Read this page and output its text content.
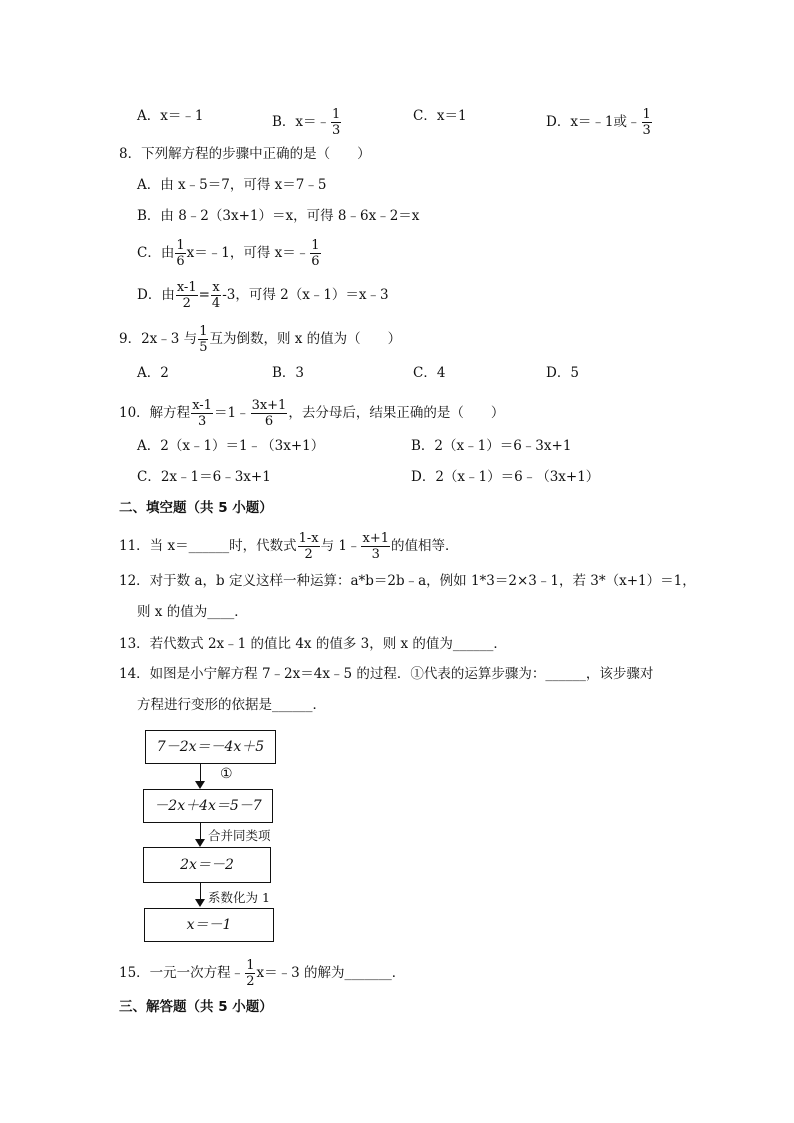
A．x＝﹣1	B．x＝﹣ $\frac{1}{3}$	C．x＝1	D．x＝﹣1或﹣ $\frac{1}{3}$
8．下列解方程的步骤中正确的是（　　）
A．由 x﹣5＝7，可得 x＝7﹣5
B．由 8﹣2（3x+1）＝x，可得 8﹣6x﹣2＝x
C．由 $\frac{1}{6}$ x＝﹣1，可得 x＝﹣ $\frac{1}{6}$
D．由 $\frac{x-1}{2} = \frac{x}{4} -3$，可得 2（x﹣1）＝x﹣3
9．2x﹣3 与 $\frac{1}{5}$ 互为倒数，则 x 的值为（　　）
A．2	B．3	C．4	D．5
10．解方程 $\frac{x-1}{3}$ ＝1﹣ $\frac{3x+1}{6}$ ，去分母后，结果正确的是（　　）
A．2（x﹣1）＝1﹣（3x+1）	B．2（x﹣1）＝6﹣3x+1
C．2x﹣1＝6﹣3x+1	D．2（x﹣1）＝6﹣（3x+1）
二、填空题（共 5 小题）
11．当 x＝______时，代数式 $\frac{1-x}{2}$ 与 1﹣ $\frac{x+1}{3}$ 的值相等．
12．对于数 a，b 定义这样一种运算：a*b＝2b﹣a，例如 1*3＝2×3﹣1，若 3*（x+1）＝1，
则 x 的值为____．
13．若代数式 2x﹣1 的值比 4x 的值多 3，则 x 的值为______．
14．如图是小宁解方程 7﹣2x＝4x﹣5 的过程．①代表的运算步骤为：______，该步骤对
方程进行变形的依据是______．
7－2x＝－4x＋5
①
－2x＋4x＝5－7
合并同类项
2x＝－2
系数化为 1
x＝－1
15．一元一次方程﹣ $\frac{1}{2}$ x＝﹣3 的解为_______．
三、解答题（共 5 小题）
